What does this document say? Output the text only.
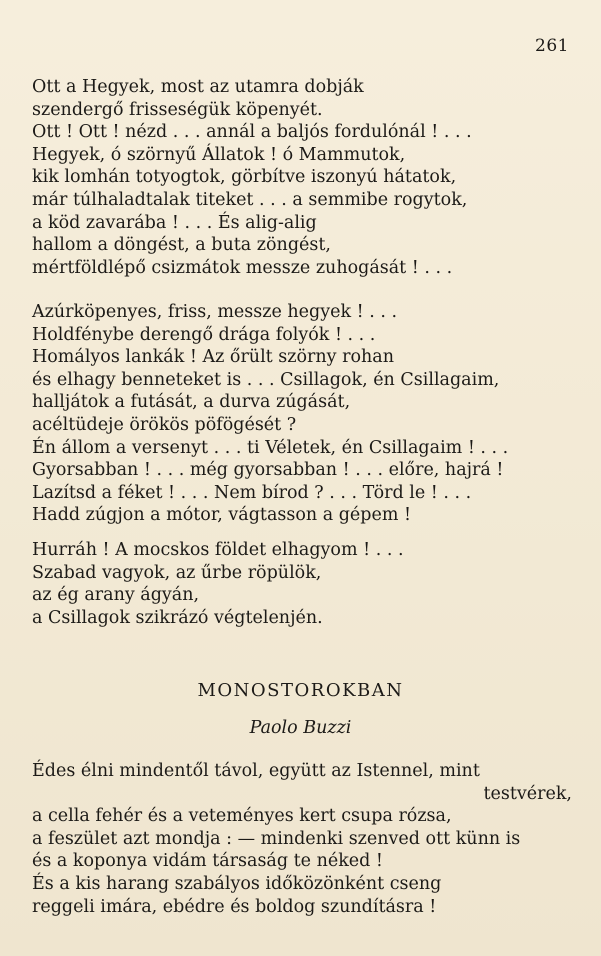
261
Ott a Hegyek, most az utamra dobják
szendergő frisseségük köpenyét.
Ott ! Ott ! nézd . . . annál a baljós fordulónál ! . . .
Hegyek, ó szörnyű Állatok ! ó Mammutok,
kik lomhán totyogtok, görbítve iszonyú hátatok,
már túlhaladtalak titeket . . . a semmibe rogytok,
a köd zavarába ! . . . És alig-alig
hallom a döngést, a buta zöngést,
mértföldlépő csizmátok messze zuhogását ! . . .
Azúrköpenyes, friss, messze hegyek ! . . .
Holdfénybe derengő drága folyók ! . . .
Homályos lankák ! Az őrült szörny rohan
és elhagy benneteket is . . . Csillagok, én Csillagaim,
halljátok a futását, a durva zúgását,
acéltüdeje örökös pöfögését ?
Én állom a versenyt . . . ti Véletek, én Csillagaim ! . . .
Gyorsabban ! . . . még gyorsabban ! . . . előre, hajrá !
Lazítsd a féket ! . . . Nem bírod ? . . . Törd le ! . . .
Hadd zúgjon a mótor, vágtasson a gépem !
Hurráh ! A mocskos földet elhagyom ! . . .
Szabad vagyok, az űrbe röpülök,
az ég arany ágyán,
a Csillagok szikrázó végtelenjén.
MONOSTOROKBAN
Paolo Buzzi
Édes élni mindentől távol, együtt az Istennel, mint
testvérek,
a cella fehér és a veteményes kert csupa rózsa,
a feszület azt mondja : — mindenki szenved ott künn is
és a koponya vidám társaság te néked !
És a kis harang szabályos időközönként cseng
reggeli imára, ebédre és boldog szundításra !
